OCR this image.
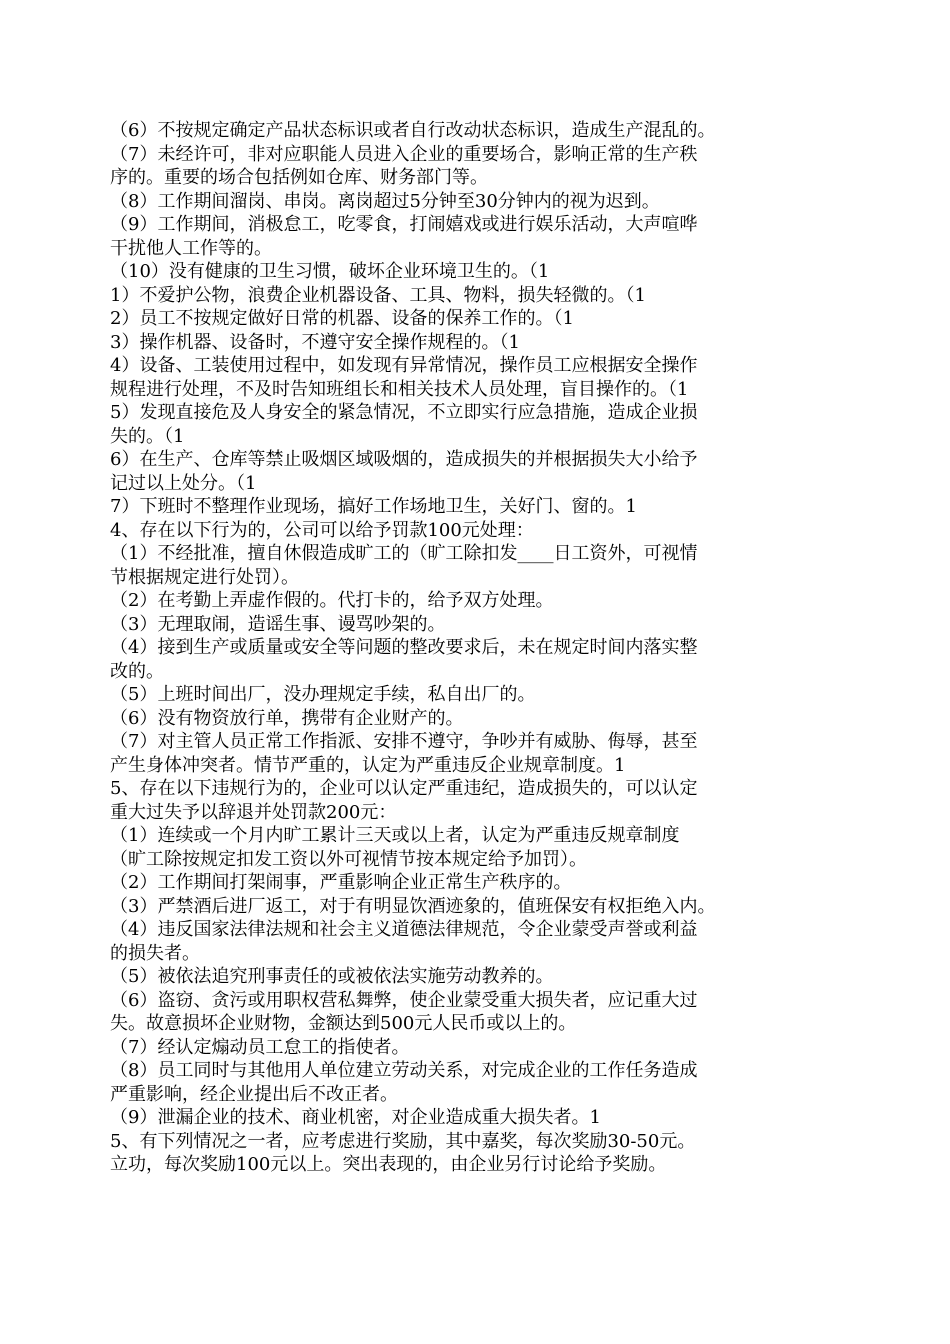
（6）不按规定确定产品状态标识或者自行改动状态标识，造成生产混乱的。
（7）未经许可，非对应职能人员进入企业的重要场合，影响正常的生产秩
序的。重要的场合包括例如仓库、财务部门等。
（8）工作期间溜岗、串岗。离岗超过5分钟至30分钟内的视为迟到。
（9）工作期间，消极怠工，吃零食，打闹嬉戏或进行娱乐活动，大声喧哗
干扰他人工作等的。
（10）没有健康的卫生习惯，破坏企业环境卫生的。（1
1）不爱护公物，浪费企业机器设备、工具、物料，损失轻微的。（1
2）员工不按规定做好日常的机器、设备的保养工作的。（1
3）操作机器、设备时，不遵守安全操作规程的。（1
4）设备、工装使用过程中，如发现有异常情况，操作员工应根据安全操作
规程进行处理，不及时告知班组长和相关技术人员处理，盲目操作的。（1
5）发现直接危及人身安全的紧急情况，不立即实行应急措施，造成企业损
失的。（1
6）在生产、仓库等禁止吸烟区域吸烟的，造成损失的并根据损失大小给予
记过以上处分。（1
7）下班时不整理作业现场，搞好工作场地卫生，关好门、窗的。1
4、存在以下行为的，公司可以给予罚款100元处理：
（1）不经批准，擅自休假造成旷工的（旷工除扣发____日工资外，可视情
节根据规定进行处罚）。
（2）在考勤上弄虚作假的。代打卡的，给予双方处理。
（3）无理取闹，造谣生事、谩骂吵架的。
（4）接到生产或质量或安全等问题的整改要求后，未在规定时间内落实整
改的。
（5）上班时间出厂，没办理规定手续，私自出厂的。
（6）没有物资放行单，携带有企业财产的。
（7）对主管人员正常工作指派、安排不遵守，争吵并有威胁、侮辱，甚至
产生身体冲突者。情节严重的，认定为严重违反企业规章制度。1
5、存在以下违规行为的，企业可以认定严重违纪，造成损失的，可以认定
重大过失予以辞退并处罚款200元：
（1）连续或一个月内旷工累计三天或以上者，认定为严重违反规章制度
（旷工除按规定扣发工资以外可视情节按本规定给予加罚）。
（2）工作期间打架闹事，严重影响企业正常生产秩序的。
（3）严禁酒后进厂返工，对于有明显饮酒迹象的，值班保安有权拒绝入内。
（4）违反国家法律法规和社会主义道德法律规范，令企业蒙受声誉或利益
的损失者。
（5）被依法追究刑事责任的或被依法实施劳动教养的。
（6）盗窃、贪污或用职权营私舞弊，使企业蒙受重大损失者，应记重大过
失。故意损坏企业财物，金额达到500元人民币或以上的。
（7）经认定煽动员工怠工的指使者。
（8）员工同时与其他用人单位建立劳动关系，对完成企业的工作任务造成
严重影响，经企业提出后不改正者。
（9）泄漏企业的技术、商业机密，对企业造成重大损失者。1
5、有下列情况之一者，应考虑进行奖励，其中嘉奖，每次奖励30-50元。
立功，每次奖励100元以上。突出表现的，由企业另行讨论给予奖励。
